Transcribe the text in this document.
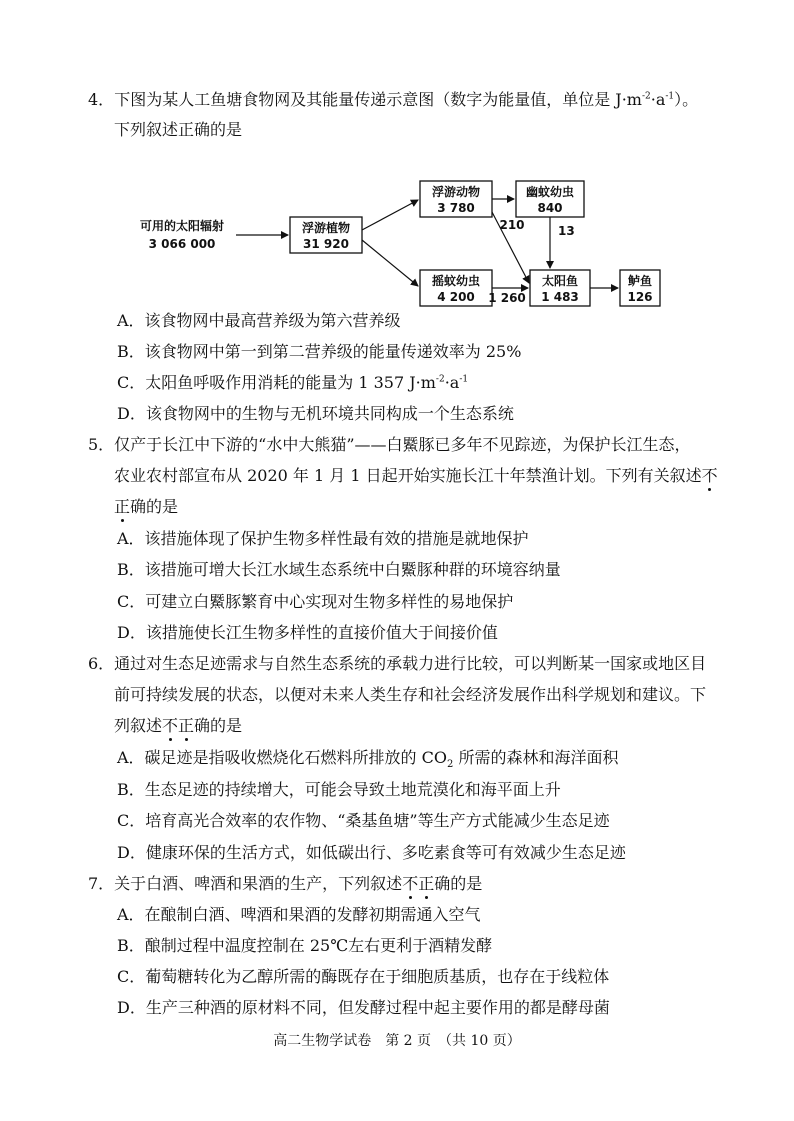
4．下图为某人工鱼塘食物网及其能量传递示意图（数字为能量值，单位是 $J\cdot m^{-2}\cdot a^{-1}$）。
下列叙述正确的是
可用的太阳辐射
3 066 000
浮游植物
31 920
浮游动物
3 780
幽蚊幼虫
840
摇蚊幼虫
4 200
太阳鱼
1 483
鲈鱼
126
210	13
1 260
A．该食物网中最高营养级为第六营养级
B．该食物网中第一到第二营养级的能量传递效率为 25%
C．太阳鱼呼吸作用消耗的能量为 1 357 $J\cdot m^{-2}\cdot a^{-1}$
D．该食物网中的生物与无机环境共同构成一个生态系统
5．仅产于长江中下游的“水中大熊猫”——白鱀豚已多年不见踪迹，为保护长江生态，
农业农村部宣布从 2020 年 1 月 1 日起开始实施长江十年禁渔计划。下列有关叙述不
正确的是
A．该措施体现了保护生物多样性最有效的措施是就地保护
B．该措施可增大长江水域生态系统中白鱀豚种群的环境容纳量
C．可建立白鱀豚繁育中心实现对生物多样性的易地保护
D．该措施使长江生物多样性的直接价值大于间接价值
6．通过对生态足迹需求与自然生态系统的承载力进行比较，可以判断某一国家或地区目
前可持续发展的状态，以便对未来人类生存和社会经济发展作出科学规划和建议。下
列叙述不正确的是
A．碳足迹是指吸收燃烧化石燃料所排放的 $CO_2$ 所需的森林和海洋面积
B．生态足迹的持续增大，可能会导致土地荒漠化和海平面上升
C．培育高光合效率的农作物、“桑基鱼塘”等生产方式能减少生态足迹
D．健康环保的生活方式，如低碳出行、多吃素食等可有效减少生态足迹
7．关于白酒、啤酒和果酒的生产，下列叙述不正确的是
A．在酿制白酒、啤酒和果酒的发酵初期需通入空气
B．酿制过程中温度控制在 25℃左右更利于酒精发酵
C．葡萄糖转化为乙醇所需的酶既存在于细胞质基质，也存在于线粒体
D．生产三种酒的原材料不同，但发酵过程中起主要作用的都是酵母菌
高二生物学试卷　第 2 页　（共 10 页）
